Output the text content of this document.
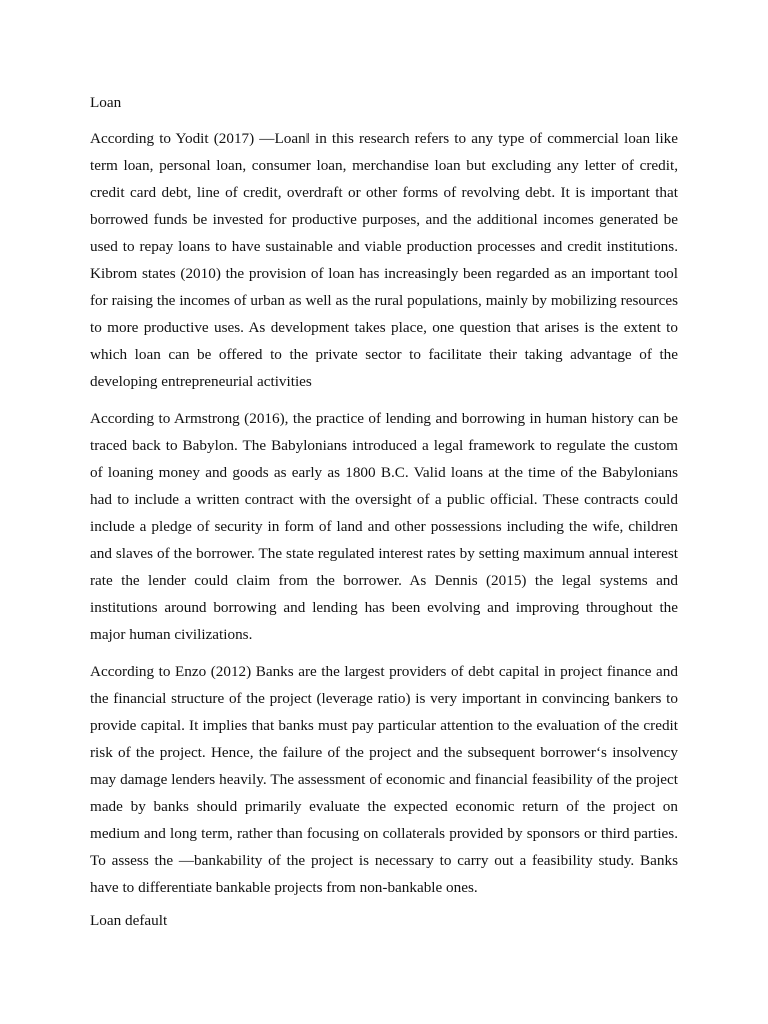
Loan

According to Yodit (2017) —Loan‖ in this research refers to any type of commercial loan like term loan, personal loan, consumer loan, merchandise loan but excluding any letter of credit, credit card debt, line of credit, overdraft or other forms of revolving debt. It is important that borrowed funds be invested for productive purposes, and the additional incomes generated be used to repay loans to have sustainable and viable production processes and credit institutions. Kibrom states (2010) the provision of loan has increasingly been regarded as an important tool for raising the incomes of urban as well as the rural populations, mainly by mobilizing resources to more productive uses. As development takes place, one question that arises is the extent to which loan can be offered to the private sector to facilitate their taking advantage of the developing entrepreneurial activities

According to Armstrong (2016), the practice of lending and borrowing in human history can be traced back to Babylon. The Babylonians introduced a legal framework to regulate the custom of loaning money and goods as early as 1800 B.C. Valid loans at the time of the Babylonians had to include a written contract with the oversight of a public official. These contracts could include a pledge of security in form of land and other possessions including the wife, children and slaves of the borrower. The state regulated interest rates by setting maximum annual interest rate the lender could claim from the borrower. As Dennis (2015) the legal systems and institutions around borrowing and lending has been evolving and improving throughout the major human civilizations.

According to Enzo (2012) Banks are the largest providers of debt capital in project finance and the financial structure of the project (leverage ratio) is very important in convincing bankers to provide capital. It implies that banks must pay particular attention to the evaluation of the credit risk of the project. Hence, the failure of the project and the subsequent borrower‘s insolvency may damage lenders heavily. The assessment of economic and financial feasibility of the project made by banks should primarily evaluate the expected economic return of the project on medium and long term, rather than focusing on collaterals provided by sponsors or third parties. To assess the —bankability of the project is necessary to carry out a feasibility study. Banks have to differentiate bankable projects from non-bankable ones.

Loan default
